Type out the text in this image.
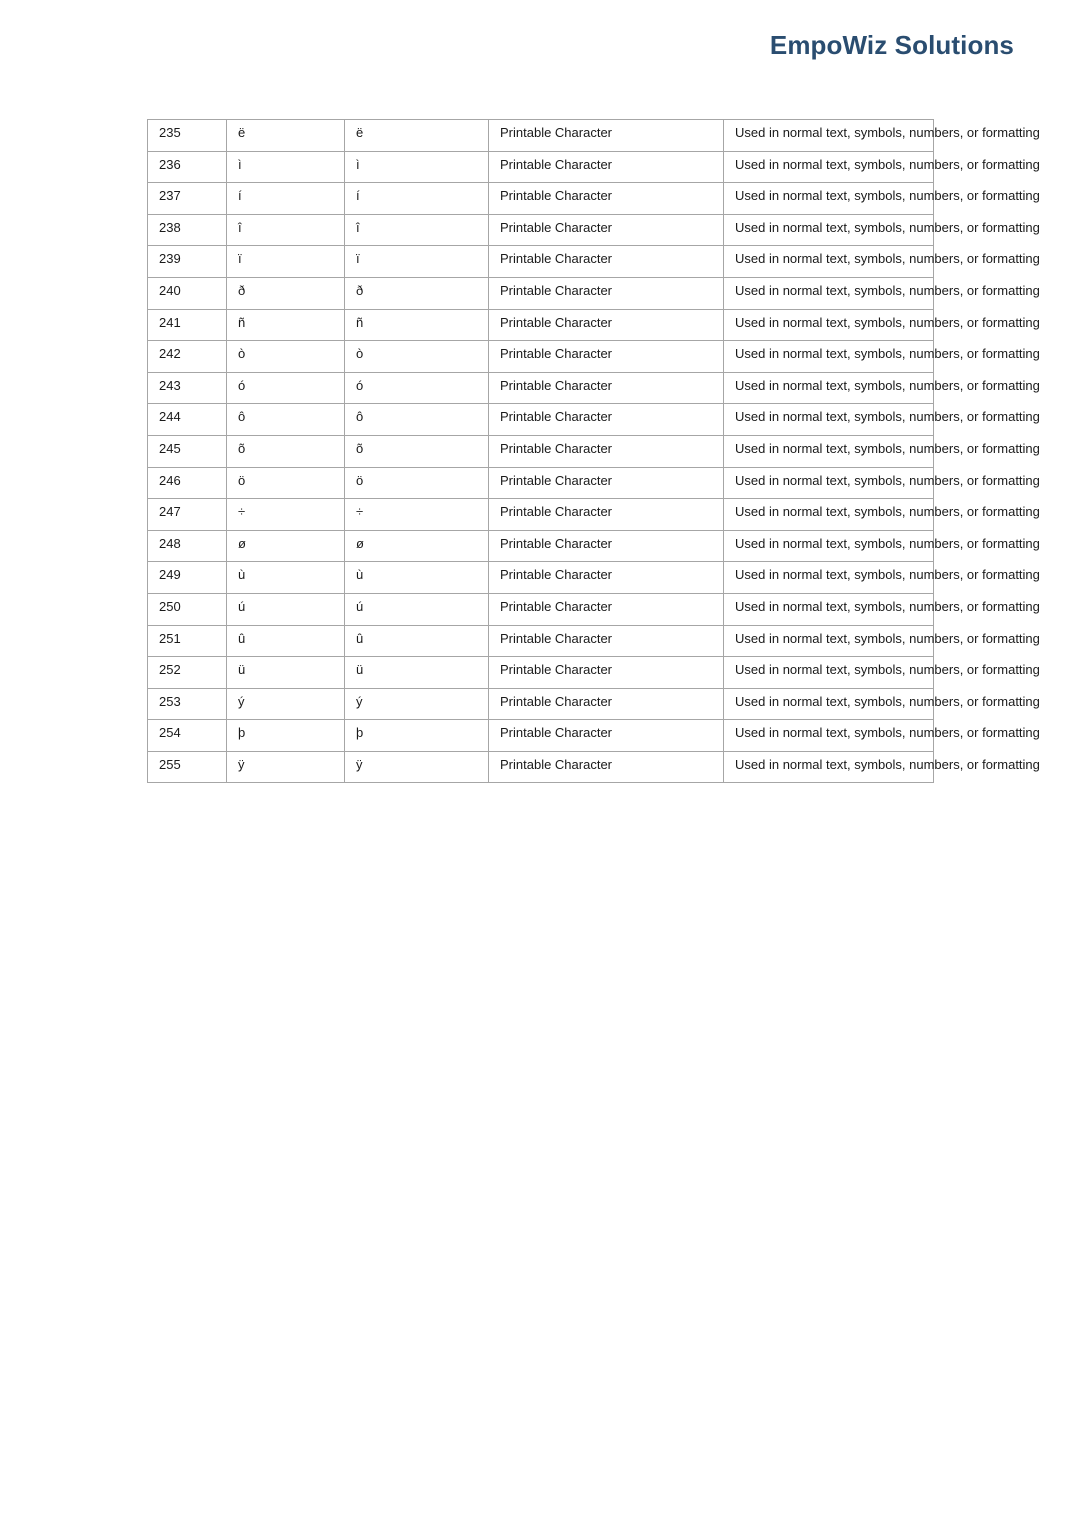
EmpoWiz Solutions
235	ë	ë	Printable Character	Used in normal text, symbols, numbers, or formatting
236	ì	ì	Printable Character	Used in normal text, symbols, numbers, or formatting
237	í	í	Printable Character	Used in normal text, symbols, numbers, or formatting
238	î	î	Printable Character	Used in normal text, symbols, numbers, or formatting
239	ï	ï	Printable Character	Used in normal text, symbols, numbers, or formatting
240	ð	ð	Printable Character	Used in normal text, symbols, numbers, or formatting
241	ñ	ñ	Printable Character	Used in normal text, symbols, numbers, or formatting
242	ò	ò	Printable Character	Used in normal text, symbols, numbers, or formatting
243	ó	ó	Printable Character	Used in normal text, symbols, numbers, or formatting
244	ô	ô	Printable Character	Used in normal text, symbols, numbers, or formatting
245	õ	õ	Printable Character	Used in normal text, symbols, numbers, or formatting
246	ö	ö	Printable Character	Used in normal text, symbols, numbers, or formatting
247	÷	÷	Printable Character	Used in normal text, symbols, numbers, or formatting
248	ø	ø	Printable Character	Used in normal text, symbols, numbers, or formatting
249	ù	ù	Printable Character	Used in normal text, symbols, numbers, or formatting
250	ú	ú	Printable Character	Used in normal text, symbols, numbers, or formatting
251	û	û	Printable Character	Used in normal text, symbols, numbers, or formatting
252	ü	ü	Printable Character	Used in normal text, symbols, numbers, or formatting
253	ý	ý	Printable Character	Used in normal text, symbols, numbers, or formatting
254	þ	þ	Printable Character	Used in normal text, symbols, numbers, or formatting
255	ÿ	ÿ	Printable Character	Used in normal text, symbols, numbers, or formatting
